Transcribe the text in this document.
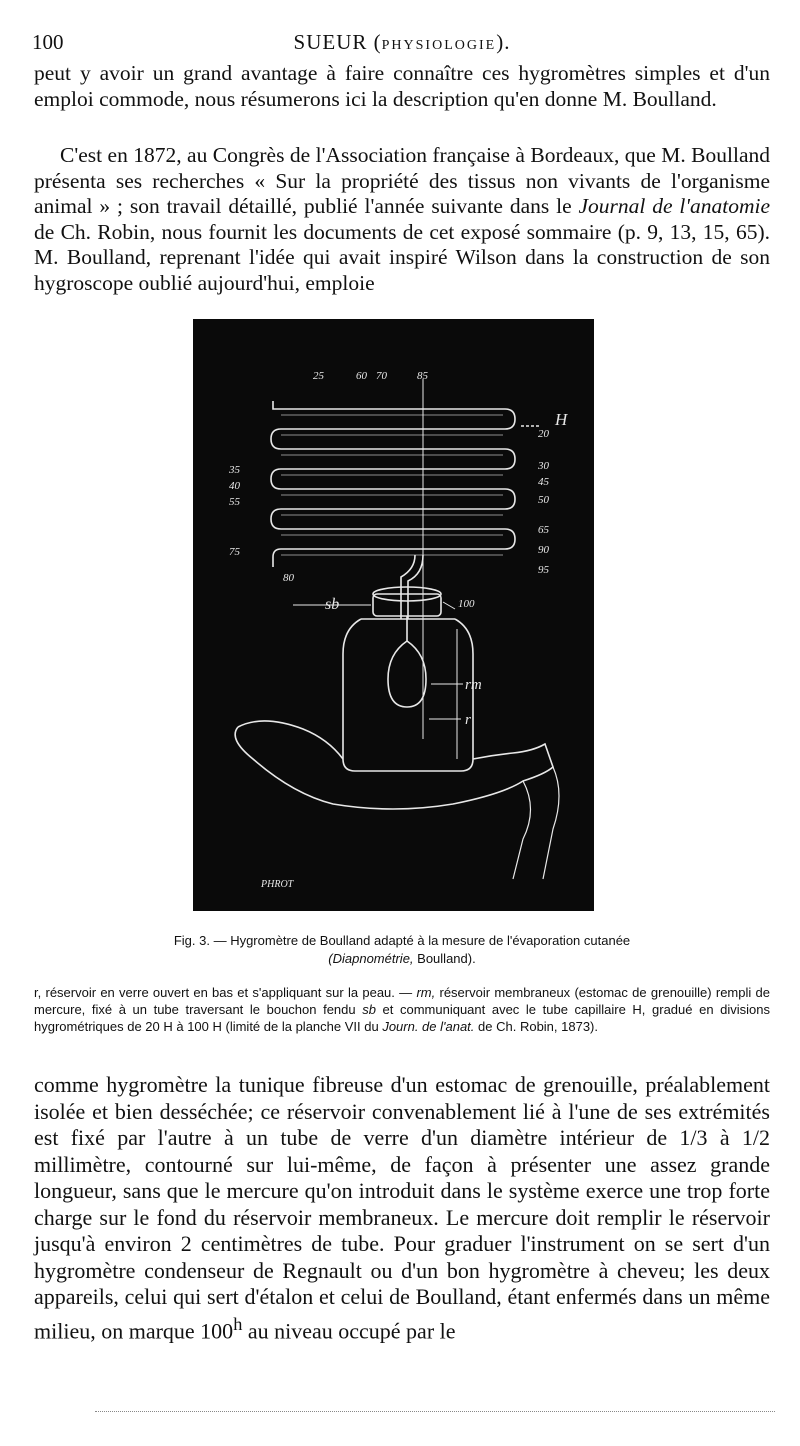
100	SUEUR (PHYSIOLOGIE).
peut y avoir un grand avantage à faire connaître ces hygromètres simples et d'un emploi commode, nous résumerons ici la description qu'en donne M. Boulland.
C'est en 1872, au Congrès de l'Association française à Bordeaux, que M. Boulland présenta ses recherches « Sur la propriété des tissus non vivants de l'organisme animal » ; son travail détaillé, publié l'année suivante dans le Journal de l'anatomie de Ch. Robin, nous fournit les documents de cet exposé sommaire (p. 9, 13, 15, 65). M. Boulland, reprenant l'idée qui avait inspiré Wilson dans la construction de son hygroscope oublié aujourd'hui, emploie
25	60 70	85
20
30
45
50
65
90
95
35
40
55
75
80
sb	100
rm
r
H
PHROT
Fig. 3. — Hygromètre de Boulland adapté à la mesure de l'évaporation cutanée
(Diapnométrie, Boulland).
r, réservoir en verre ouvert en bas et s'appliquant sur la peau. — rm, réservoir membraneux (estomac de grenouille) rempli de mercure, fixé à un tube traversant le bouchon fendu sb et communiquant avec le tube capillaire H, gradué en divisions hygrométriques de 20 H à 100 H (limité de la planche VII du Journ. de l'anat. de Ch. Robin, 1873).
comme hygromètre la tunique fibreuse d'un estomac de grenouille, préalablement isolée et bien desséchée; ce réservoir convenablement lié à l'une de ses extrémités est fixé par l'autre à un tube de verre d'un diamètre intérieur de 1/3 à 1/2 millimètre, contourné sur lui-même, de façon à présenter une assez grande longueur, sans que le mercure qu'on introduit dans le système exerce une trop forte charge sur le fond du réservoir membraneux. Le mercure doit remplir le réservoir jusqu'à environ 2 centimètres de tube. Pour graduer l'instrument on se sert d'un hygromètre condenseur de Regnault ou d'un bon hygromètre à cheveu; les deux appareils, celui qui sert d'étalon et celui de Boulland, étant enfermés dans un même milieu, on marque 100$^h$ au niveau occupé par le
